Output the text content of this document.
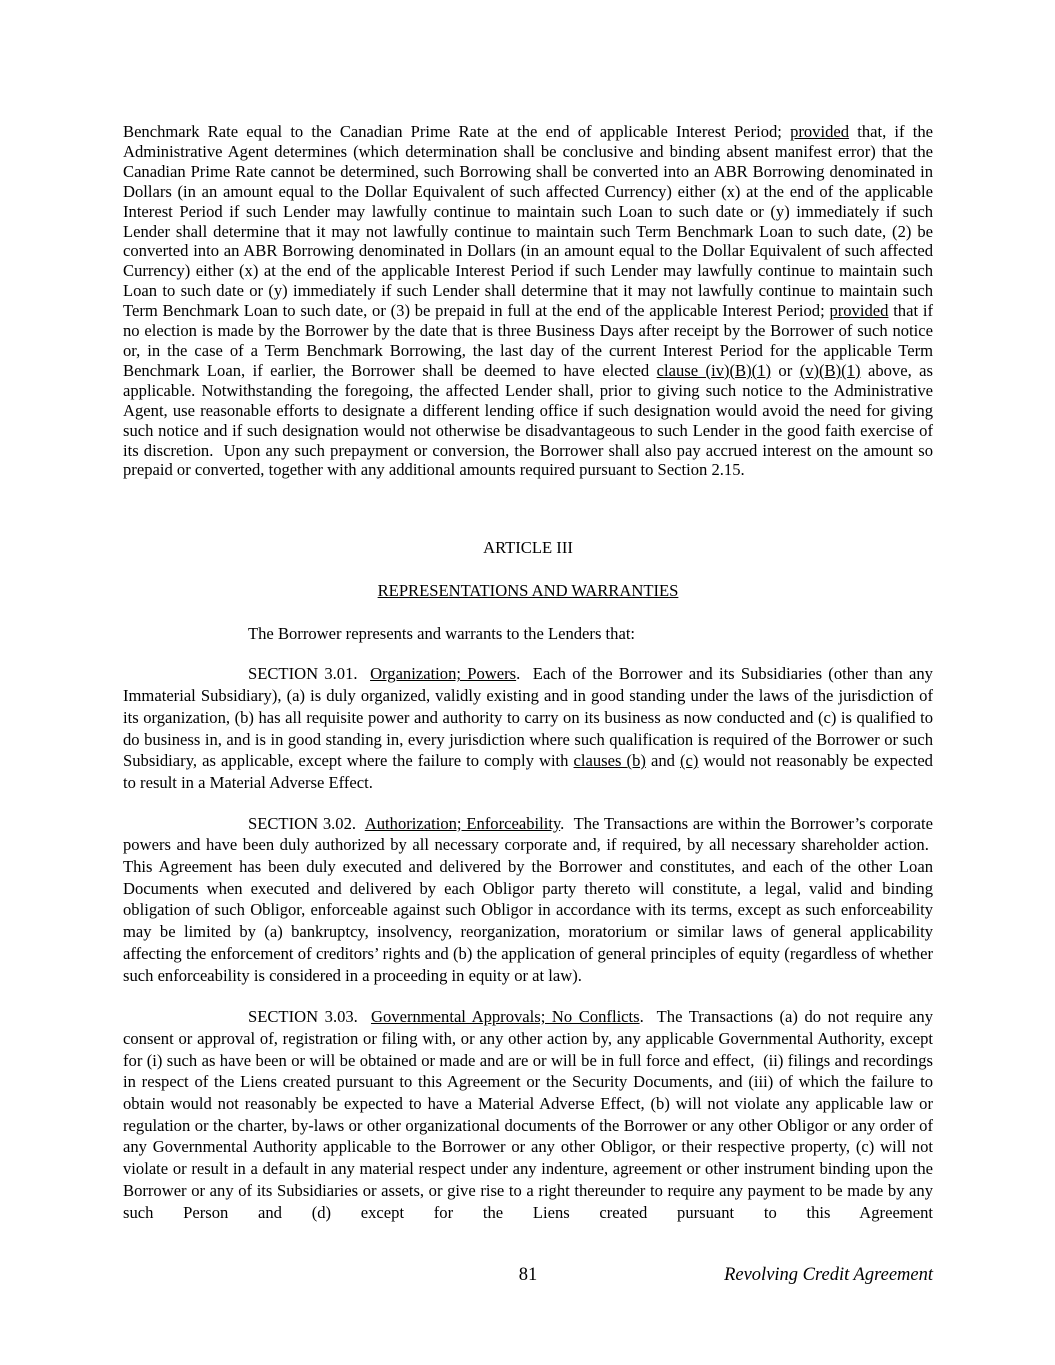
Benchmark Rate equal to the Canadian Prime Rate at the end of applicable Interest Period; provided that, if the Administrative Agent determines (which determination shall be conclusive and binding absent manifest error) that the Canadian Prime Rate cannot be determined, such Borrowing shall be converted into an ABR Borrowing denominated in Dollars (in an amount equal to the Dollar Equivalent of such affected Currency) either (x) at the end of the applicable Interest Period if such Lender may lawfully continue to maintain such Loan to such date or (y) immediately if such Lender shall determine that it may not lawfully continue to maintain such Term Benchmark Loan to such date, (2) be converted into an ABR Borrowing denominated in Dollars (in an amount equal to the Dollar Equivalent of such affected Currency) either (x) at the end of the applicable Interest Period if such Lender may lawfully continue to maintain such Loan to such date or (y) immediately if such Lender shall determine that it may not lawfully continue to maintain such Term Benchmark Loan to such date, or (3) be prepaid in full at the end of the applicable Interest Period; provided that if no election is made by the Borrower by the date that is three Business Days after receipt by the Borrower of such notice or, in the case of a Term Benchmark Borrowing, the last day of the current Interest Period for the applicable Term Benchmark Loan, if earlier, the Borrower shall be deemed to have elected clause (iv)(B)(1) or (v)(B)(1) above, as applicable. Notwithstanding the foregoing, the affected Lender shall, prior to giving such notice to the Administrative Agent, use reasonable efforts to designate a different lending office if such designation would avoid the need for giving such notice and if such designation would not otherwise be disadvantageous to such Lender in the good faith exercise of its discretion.  Upon any such prepayment or conversion, the Borrower shall also pay accrued interest on the amount so prepaid or converted, together with any additional amounts required pursuant to Section 2.15.

ARTICLE III

REPRESENTATIONS AND WARRANTIES

The Borrower represents and warrants to the Lenders that:

SECTION 3.01.  Organization; Powers.  Each of the Borrower and its Subsidiaries (other than any Immaterial Subsidiary), (a) is duly organized, validly existing and in good standing under the laws of the jurisdiction of its organization, (b) has all requisite power and authority to carry on its business as now conducted and (c) is qualified to do business in, and is in good standing in, every jurisdiction where such qualification is required of the Borrower or such Subsidiary, as applicable, except where the failure to comply with clauses (b) and (c) would not reasonably be expected to result in a Material Adverse Effect.

SECTION 3.02.  Authorization; Enforceability.  The Transactions are within the Borrower’s corporate powers and have been duly authorized by all necessary corporate and, if required, by all necessary shareholder action.  This Agreement has been duly executed and delivered by the Borrower and constitutes, and each of the other Loan Documents when executed and delivered by each Obligor party thereto will constitute, a legal, valid and binding obligation of such Obligor, enforceable against such Obligor in accordance with its terms, except as such enforceability may be limited by (a) bankruptcy, insolvency, reorganization, moratorium or similar laws of general applicability affecting the enforcement of creditors’ rights and (b) the application of general principles of equity (regardless of whether such enforceability is considered in a proceeding in equity or at law).

SECTION 3.03.  Governmental Approvals; No Conflicts.  The Transactions (a) do not require any consent or approval of, registration or filing with, or any other action by, any applicable Governmental Authority, except for (i) such as have been or will be obtained or made and are or will be in full force and effect,  (ii) filings and recordings in respect of the Liens created pursuant to this Agreement or the Security Documents, and (iii) of which the failure to obtain would not reasonably be expected to have a Material Adverse Effect, (b) will not violate any applicable law or regulation or the charter, by-laws or other organizational documents of the Borrower or any other Obligor or any order of any Governmental Authority applicable to the Borrower or any other Obligor, or their respective property, (c) will not violate or result in a default in any material respect under any indenture, agreement or other instrument binding upon the Borrower or any of its Subsidiaries or assets, or give rise to a right thereunder to require any payment to be made by any such Person and (d) except for the Liens created pursuant to this Agreement

81	Revolving Credit Agreement
